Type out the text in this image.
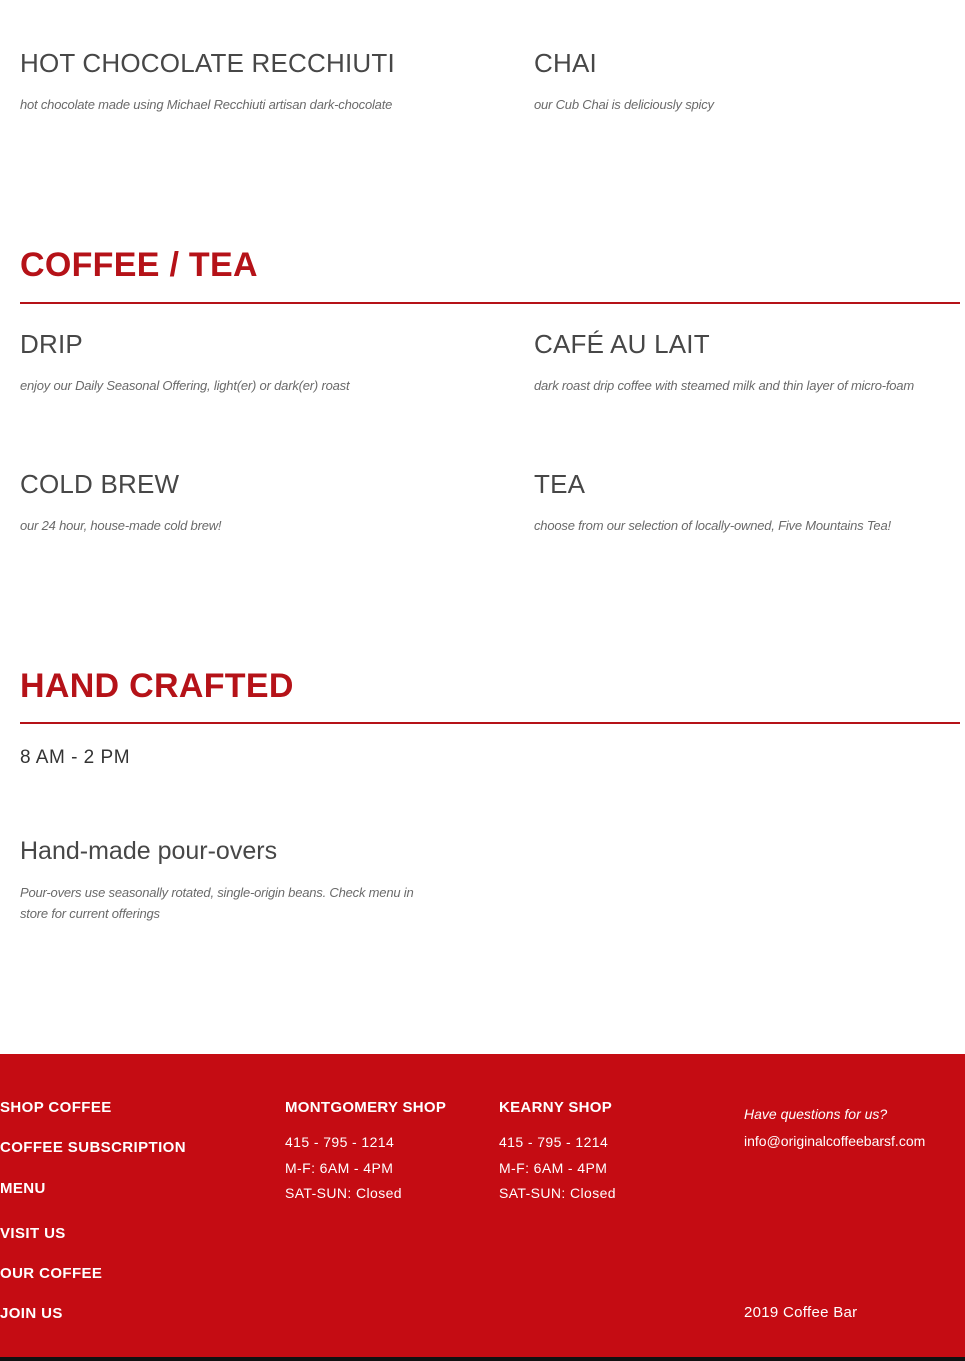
HOT CHOCOLATE RECCHIUTI
hot chocolate made using Michael Recchiuti artisan dark-chocolate
CHAI
our Cub Chai is deliciously spicy
COFFEE / TEA
DRIP
enjoy our Daily Seasonal Offering, light(er) or dark(er) roast
CAFÉ AU LAIT
dark roast drip coffee with steamed milk and thin layer of micro-foam
COLD BREW
our 24 hour, house-made cold brew!
TEA
choose from our selection of locally-owned, Five Mountains Tea!
HAND CRAFTED
8 AM - 2 PM
Hand-made pour-overs
Pour-overs use seasonally rotated, single-origin beans. Check menu in store for current offerings
SHOP COFFEE
COFFEE SUBSCRIPTION
MENU
VISIT US
OUR COFFEE
JOIN US
MONTGOMERY SHOP
415 - 795 - 1214
M-F: 6AM - 4PM
SAT-SUN: Closed
KEARNY SHOP
415 - 795 - 1214
M-F: 6AM - 4PM
SAT-SUN: Closed
Have questions for us?
info@originalcoffeebarsf.com
2019 Coffee Bar
